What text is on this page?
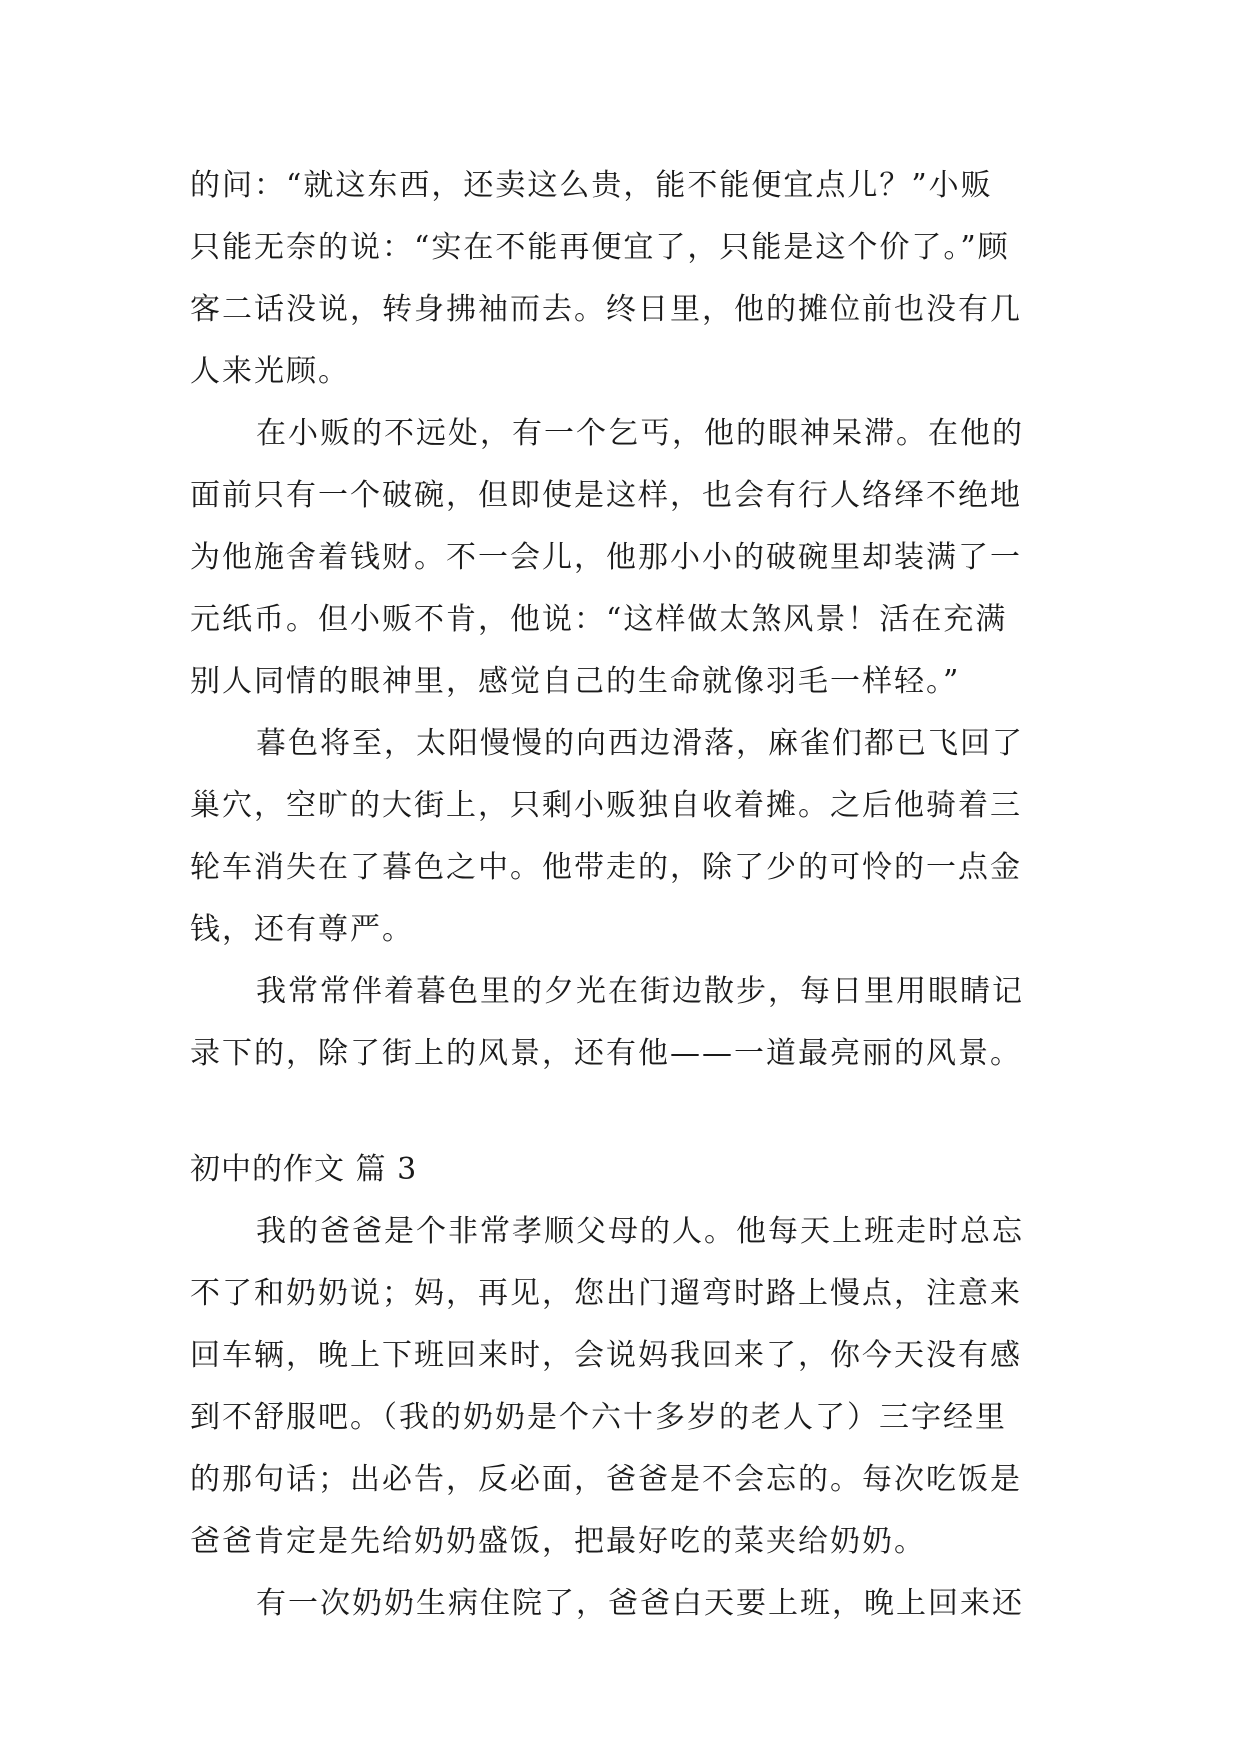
的问：“就这东西，还卖这么贵，能不能便宜点儿？”小贩
只能无奈的说：“实在不能再便宜了，只能是这个价了。”顾
客二话没说，转身拂袖而去。终日里，他的摊位前也没有几
人来光顾。
在小贩的不远处，有一个乞丐，他的眼神呆滞。在他的
面前只有一个破碗，但即使是这样，也会有行人络绎不绝地
为他施舍着钱财。不一会儿，他那小小的破碗里却装满了一
元纸币。但小贩不肯，他说：“这样做太煞风景！活在充满
别人同情的眼神里，感觉自己的生命就像羽毛一样轻。”
暮色将至，太阳慢慢的向西边滑落，麻雀们都已飞回了
巢穴，空旷的大街上，只剩小贩独自收着摊。之后他骑着三
轮车消失在了暮色之中。他带走的，除了少的可怜的一点金
钱，还有尊严。
我常常伴着暮色里的夕光在街边散步，每日里用眼睛记
录下的，除了街上的风景，还有他——一道最亮丽的风景。
初中的作文 篇 3
我的爸爸是个非常孝顺父母的人。他每天上班走时总忘
不了和奶奶说；妈，再见，您出门遛弯时路上慢点，注意来
回车辆，晚上下班回来时，会说妈我回来了，你今天没有感
到不舒服吧。（我的奶奶是个六十多岁的老人了）三字经里
的那句话；出必告，反必面，爸爸是不会忘的。每次吃饭是
爸爸肯定是先给奶奶盛饭，把最好吃的菜夹给奶奶。
有一次奶奶生病住院了，爸爸白天要上班，晚上回来还
